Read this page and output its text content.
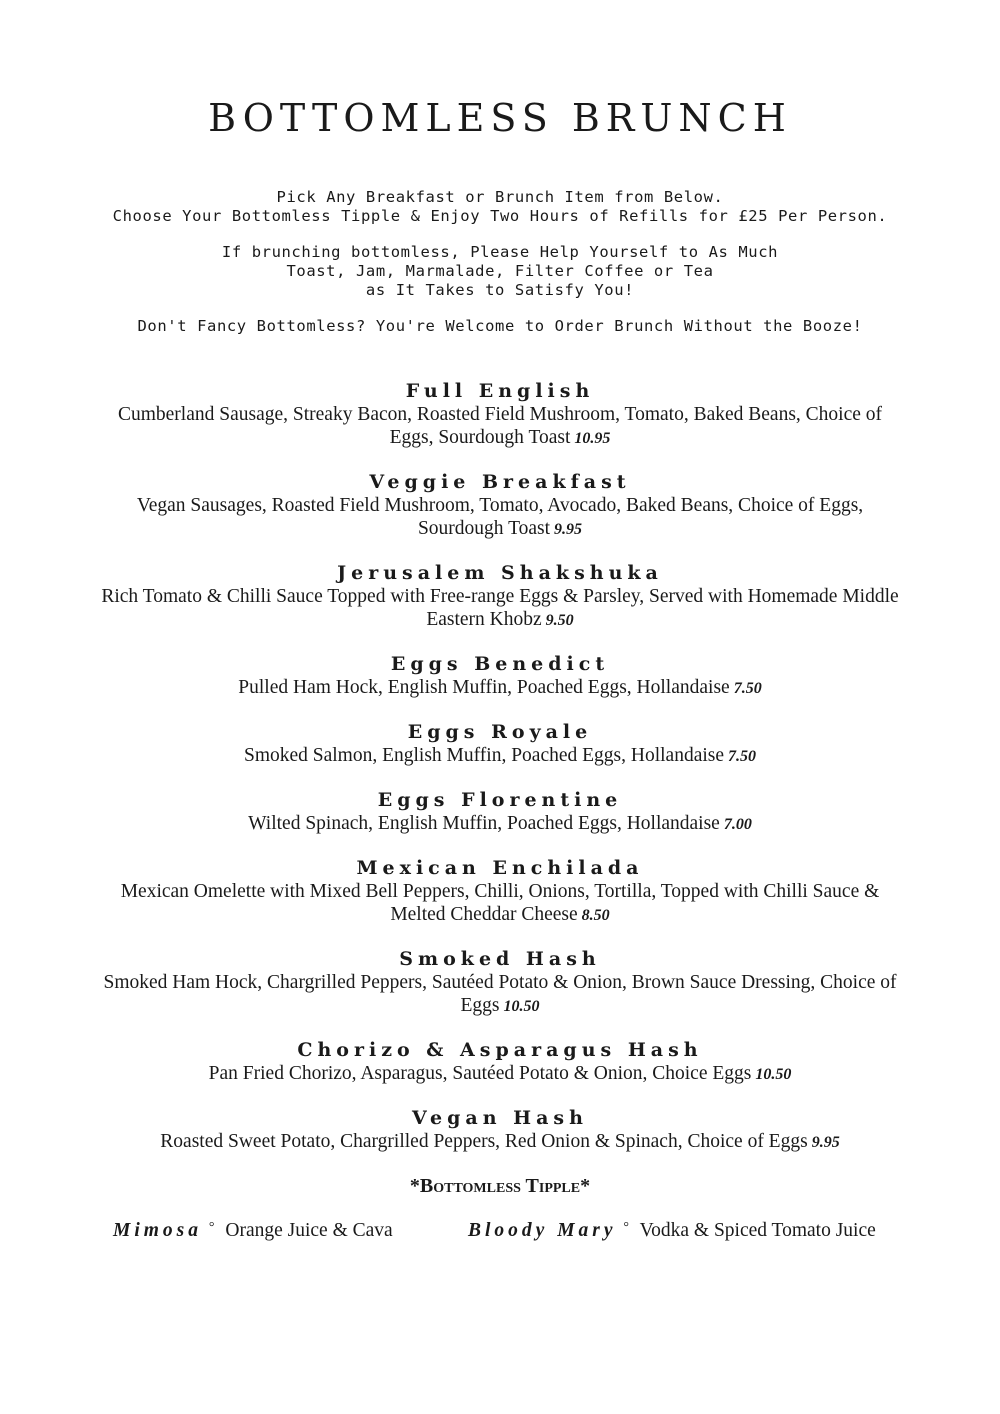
BOTTOMLESS BRUNCH

Pick Any Breakfast or Brunch Item from Below.
Choose Your Bottomless Tipple & Enjoy Two Hours of Refills for £25 Per Person.

If brunching bottomless, Please Help Yourself to As Much
Toast, Jam, Marmalade, Filter Coffee or Tea
as It Takes to Satisfy You!

Don't Fancy Bottomless? You're Welcome to Order Brunch Without the Booze!

Full English
Cumberland Sausage, Streaky Bacon, Roasted Field Mushroom, Tomato, Baked Beans, Choice of Eggs, Sourdough Toast 10.95
Veggie Breakfast
Vegan Sausages, Roasted Field Mushroom, Tomato, Avocado, Baked Beans, Choice of Eggs, Sourdough Toast 9.95
Jerusalem Shakshuka
Rich Tomato & Chilli Sauce Topped with Free-range Eggs & Parsley, Served with Homemade Middle Eastern Khobz 9.50
Eggs Benedict
Pulled Ham Hock, English Muffin, Poached Eggs, Hollandaise 7.50
Eggs Royale
Smoked Salmon, English Muffin, Poached Eggs, Hollandaise 7.50
Eggs Florentine
Wilted Spinach, English Muffin, Poached Eggs, Hollandaise 7.00
Mexican Enchilada
Mexican Omelette with Mixed Bell Peppers, Chilli, Onions, Tortilla, Topped with Chilli Sauce & Melted Cheddar Cheese 8.50
Smoked Hash
Smoked Ham Hock, Chargrilled Peppers, Sautéed Potato & Onion, Brown Sauce Dressing, Choice of Eggs 10.50
Chorizo & Asparagus Hash
Pan Fried Chorizo, Asparagus, Sautéed Potato & Onion, Choice Eggs 10.50
Vegan Hash
Roasted Sweet Potato, Chargrilled Peppers, Red Onion & Spinach, Choice of Eggs 9.95
*Bottomless Tipple*
Mimosa ° Orange Juice & Cava	Bloody Mary ° Vodka & Spiced Tomato Juice
